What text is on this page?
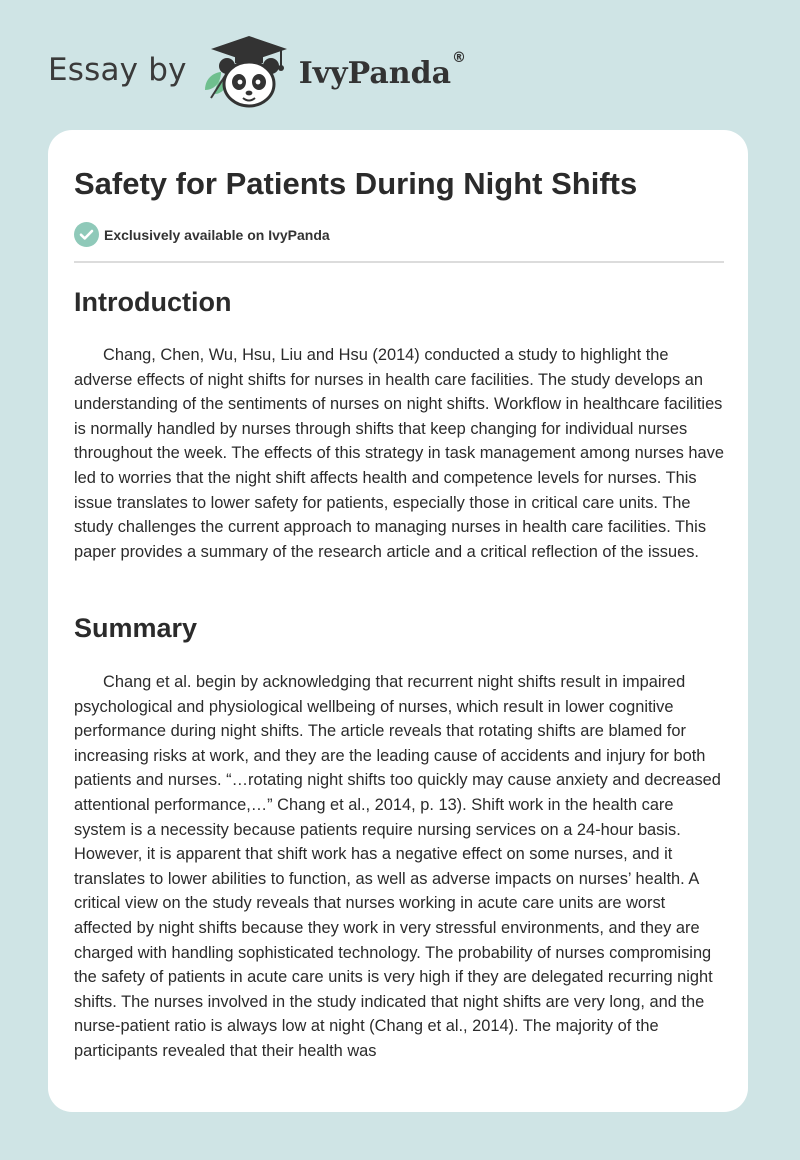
Essay by	IvyPanda®
Safety for Patients During Night Shifts
Exclusively available on IvyPanda
Introduction

Chang, Chen, Wu, Hsu, Liu and Hsu (2014) conducted a study to highlight the adverse effects of night shifts for nurses in health care facilities. The study develops an understanding of the sentiments of nurses on night shifts. Workflow in healthcare facilities is normally handled by nurses through shifts that keep changing for individual nurses throughout the week. The effects of this strategy in task management among nurses have led to worries that the night shift affects health and competence levels for nurses. This issue translates to lower safety for patients, especially those in critical care units. The study challenges the current approach to managing nurses in health care facilities. This paper provides a summary of the research article and a critical reflection of the issues.

Summary

Chang et al. begin by acknowledging that recurrent night shifts result in impaired psychological and physiological wellbeing of nurses, which result in lower cognitive performance during night shifts. The article reveals that rotating shifts are blamed for increasing risks at work, and they are the leading cause of accidents and injury for both patients and nurses. “…rotating night shifts too quickly may cause anxiety and decreased attentional performance,…” Chang et al., 2014, p. 13). Shift work in the health care system is a necessity because patients require nursing services on a 24-hour basis. However, it is apparent that shift work has a negative effect on some nurses, and it translates to lower abilities to function, as well as adverse impacts on nurses’ health. A critical view on the study reveals that nurses working in acute care units are worst affected by night shifts because they work in very stressful environments, and they are charged with handling sophisticated technology. The probability of nurses compromising the safety of patients in acute care units is very high if they are delegated recurring night shifts. The nurses involved in the study indicated that night shifts are very long, and the nurse-patient ratio is always low at night (Chang et al., 2014). The majority of the participants revealed that their health was
